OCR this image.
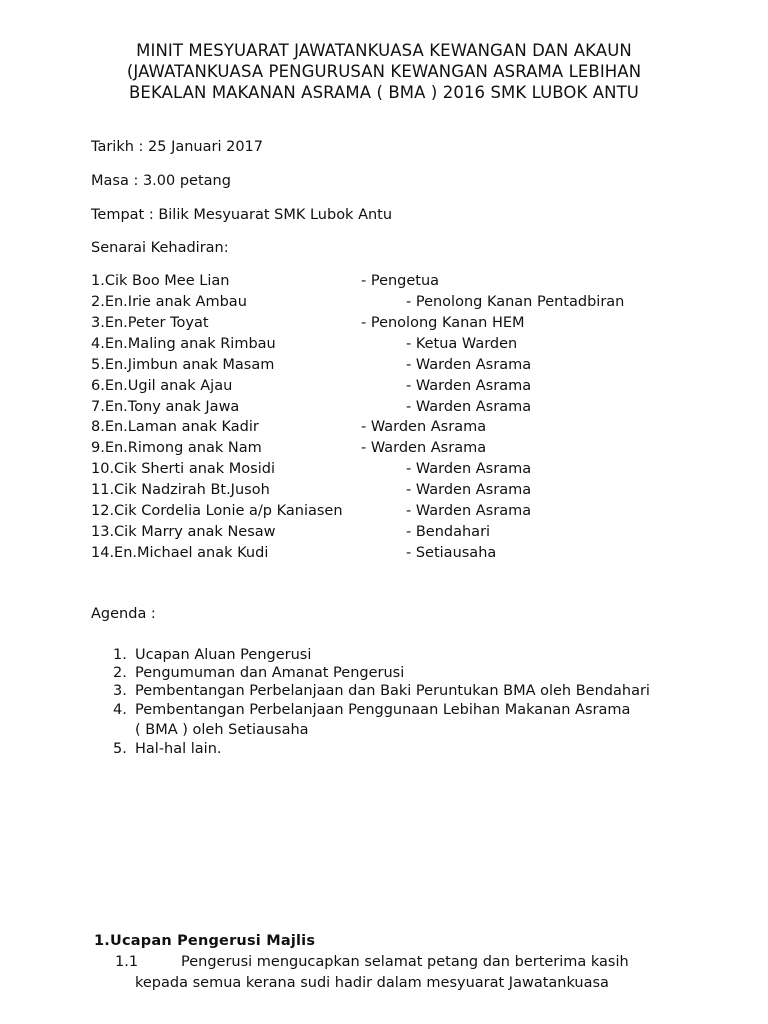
MINIT MESYUARAT JAWATANKUASA KEWANGAN DAN AKAUN
(JAWATANKUASA PENGURUSAN KEWANGAN ASRAMA LEBIHAN
BEKALAN MAKANAN ASRAMA ( BMA ) 2016 SMK LUBOK ANTU
Tarikh : 25 Januari 2017
Masa : 3.00 petang
Tempat : Bilik Mesyuarat SMK Lubok Antu
Senarai Kehadiran:
1.Cik Boo Mee Lian	- Pengetua
2.En.Irie anak Ambau	- Penolong Kanan Pentadbiran
3.En.Peter Toyat	- Penolong Kanan HEM
4.En.Maling anak Rimbau	- Ketua Warden
5.En.Jimbun anak Masam	- Warden Asrama
6.En.Ugil anak Ajau	- Warden Asrama
7.En.Tony anak Jawa	- Warden Asrama
8.En.Laman anak Kadir	- Warden Asrama
9.En.Rimong anak Nam	- Warden Asrama
10.Cik Sherti anak Mosidi	- Warden Asrama
11.Cik Nadzirah Bt.Jusoh	- Warden Asrama
12.Cik Cordelia Lonie a/p Kaniasen	- Warden Asrama
13.Cik Marry anak Nesaw	- Bendahari
14.En.Michael anak Kudi	- Setiausaha
Agenda :
1. Ucapan Aluan Pengerusi
2. Pengumuman dan Amanat Pengerusi
3. Pembentangan Perbelanjaan dan Baki Peruntukan BMA oleh Bendahari
4. Pembentangan Perbelanjaan Penggunaan Lebihan Makanan Asrama
( BMA ) oleh Setiausaha
5. Hal-hal lain.
1.Ucapan Pengerusi Majlis
1.1	Pengerusi mengucapkan selamat petang dan berterima kasih
kepada semua kerana sudi hadir dalam mesyuarat Jawatankuasa
